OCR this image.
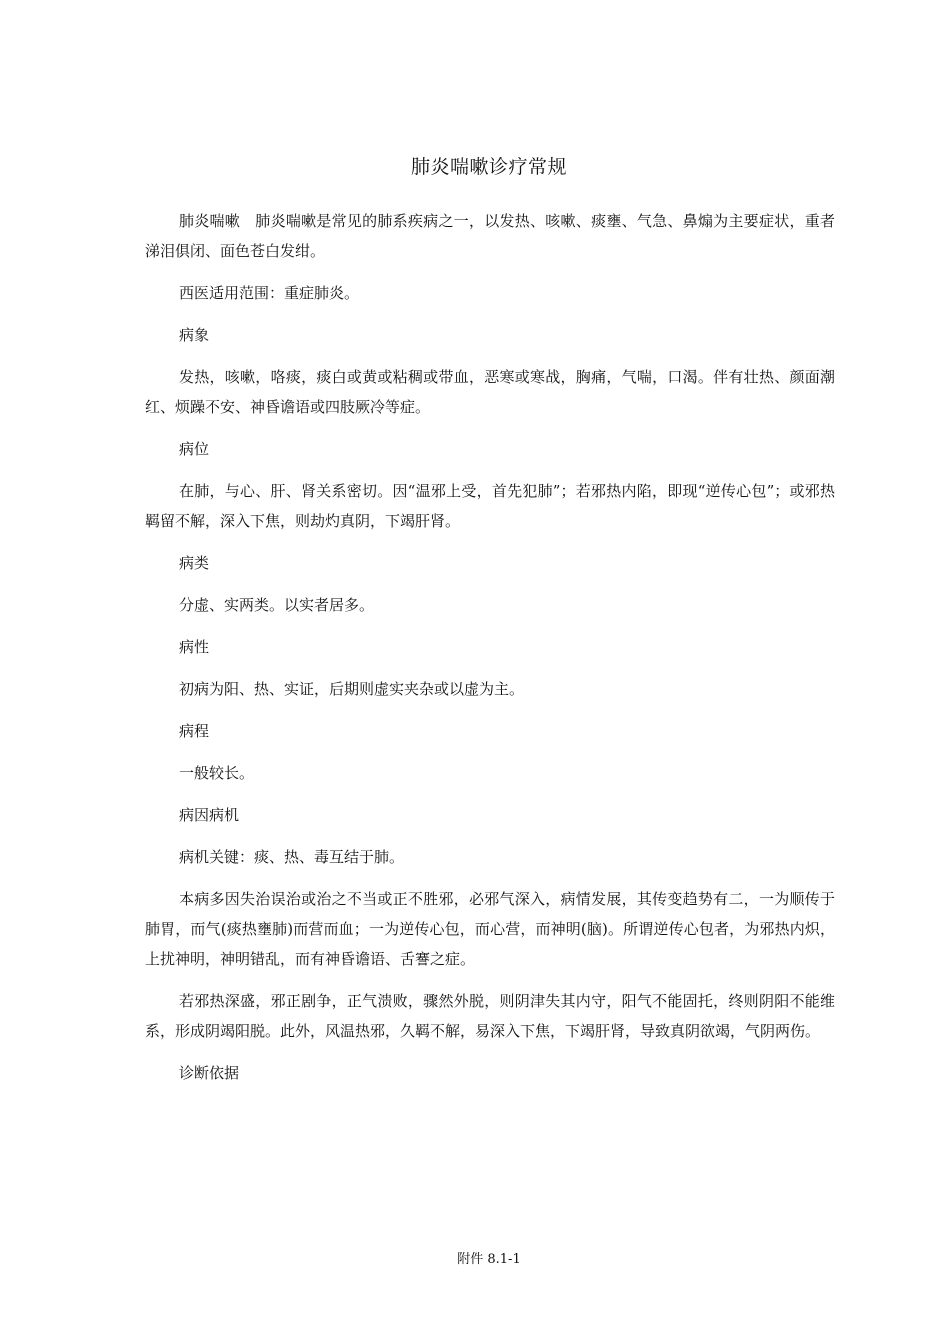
肺炎喘嗽诊疗常规

肺炎喘嗽　肺炎喘嗽是常见的肺系疾病之一，以发热、咳嗽、痰壅、气急、鼻煽为主要症状，重者涕泪俱闭、面色苍白发绀。

西医适用范围：重症肺炎。

病象

发热，咳嗽，咯痰，痰白或黄或粘稠或带血，恶寒或寒战，胸痛，气喘，口渴。伴有壮热、颜面潮红、烦躁不安、神昏谵语或四肢厥冷等症。

病位

在肺，与心、肝、肾关系密切。因“温邪上受，首先犯肺”；若邪热内陷，即现“逆传心包”；或邪热羁留不解，深入下焦，则劫灼真阴，下竭肝肾。

病类

分虚、实两类。以实者居多。

病性

初病为阳、热、实证，后期则虚实夹杂或以虚为主。

病程

一般较长。

病因病机

病机关键：痰、热、毒互结于肺。

本病多因失治误治或治之不当或正不胜邪，必邪气深入，病情发展，其传变趋势有二，一为顺传于肺胃，而气(痰热壅肺)而营而血；一为逆传心包，而心营，而神明(脑)。所谓逆传心包者，为邪热内炽，上扰神明，神明错乱，而有神昏谵语、舌謇之症。

若邪热深盛，邪正剧争，正气溃败，骤然外脱，则阴津失其内守，阳气不能固托，终则阴阳不能维系，形成阴竭阳脱。此外，风温热邪，久羁不解，易深入下焦，下竭肝肾，导致真阴欲竭，气阴两伤。

诊断依据

附件 8.1-1
